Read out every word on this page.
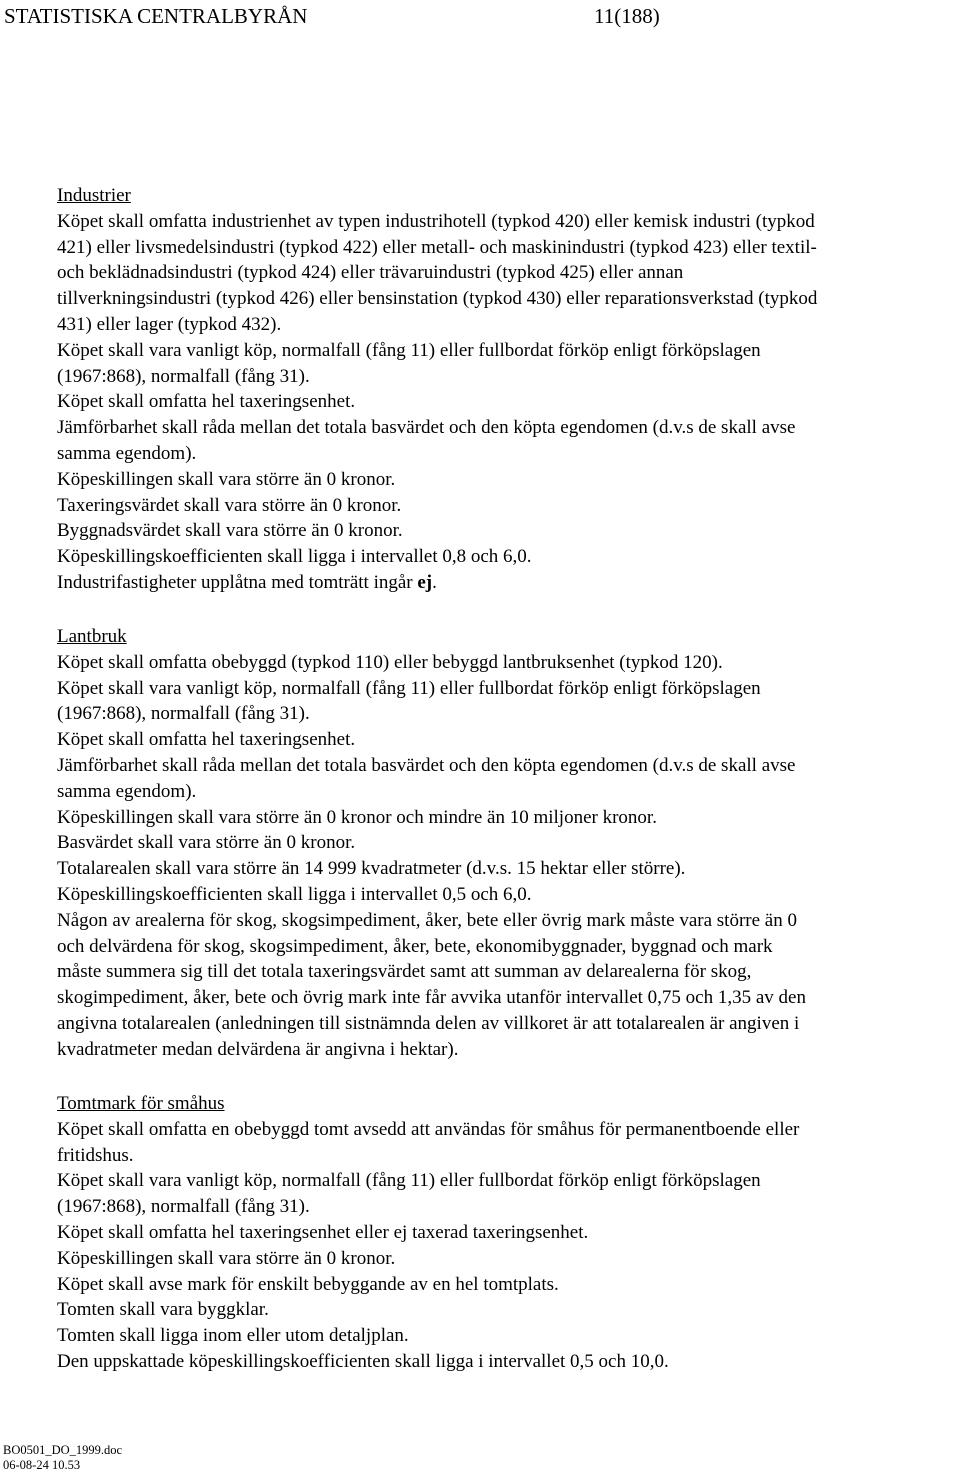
STATISTISKA CENTRALBYRÅN	11(188)
Industrier
Köpet skall omfatta industrienhet av typen industrihotell (typkod 420) eller kemisk industri (typkod
421) eller livsmedelsindustri (typkod 422) eller metall- och maskinindustri (typkod 423) eller textil-
och beklädnadsindustri (typkod 424) eller trävaruindustri (typkod 425) eller annan
tillverkningsindustri (typkod 426) eller bensinstation (typkod 430) eller reparationsverkstad (typkod
431) eller lager (typkod 432).
Köpet skall vara vanligt köp, normalfall (fång 11) eller fullbordat förköp enligt förköpslagen
(1967:868), normalfall (fång 31).
Köpet skall omfatta hel taxeringsenhet.
Jämförbarhet skall råda mellan det totala basvärdet och den köpta egendomen (d.v.s de skall avse
samma egendom).
Köpeskillingen skall vara större än 0 kronor.
Taxeringsvärdet skall vara större än 0 kronor.
Byggnadsvärdet skall vara större än 0 kronor.
Köpeskillingskoefficienten skall ligga i intervallet 0,8 och 6,0.
Industrifastigheter upplåtna med tomträtt ingår ej.
Lantbruk
Köpet skall omfatta obebyggd (typkod 110) eller bebyggd lantbruksenhet (typkod 120).
Köpet skall vara vanligt köp, normalfall (fång 11) eller fullbordat förköp enligt förköpslagen
(1967:868), normalfall (fång 31).
Köpet skall omfatta hel taxeringsenhet.
Jämförbarhet skall råda mellan det totala basvärdet och den köpta egendomen (d.v.s de skall avse
samma egendom).
Köpeskillingen skall vara större än 0 kronor och mindre än 10 miljoner kronor.
Basvärdet skall vara större än 0 kronor.
Totalarealen skall vara större än 14 999 kvadratmeter (d.v.s. 15 hektar eller större).
Köpeskillingskoefficienten skall ligga i intervallet 0,5 och 6,0.
Någon av arealerna för skog, skogsimpediment, åker, bete eller övrig mark måste vara större än 0
och delvärdena för skog, skogsimpediment, åker, bete, ekonomibyggnader, byggnad och mark
måste summera sig till det totala taxeringsvärdet samt att summan av delarealerna för skog,
skogimpediment, åker, bete och övrig mark inte får avvika utanför intervallet 0,75 och 1,35 av den
angivna totalarealen (anledningen till sistnämnda delen av villkoret är att totalarealen är angiven i
kvadratmeter medan delvärdena är angivna i hektar).
Tomtmark för småhus
Köpet skall omfatta en obebyggd tomt avsedd att användas för småhus för permanentboende eller
fritidshus.
Köpet skall vara vanligt köp, normalfall (fång 11) eller fullbordat förköp enligt förköpslagen
(1967:868), normalfall (fång 31).
Köpet skall omfatta hel taxeringsenhet eller ej taxerad taxeringsenhet.
Köpeskillingen skall vara större än 0 kronor.
Köpet skall avse mark för enskilt bebyggande av en hel tomtplats.
Tomten skall vara byggklar.
Tomten skall ligga inom eller utom detaljplan.
Den uppskattade köpeskillingskoefficienten skall ligga i intervallet 0,5 och 10,0.
BO0501_DO_1999.doc
06-08-24 10.53
